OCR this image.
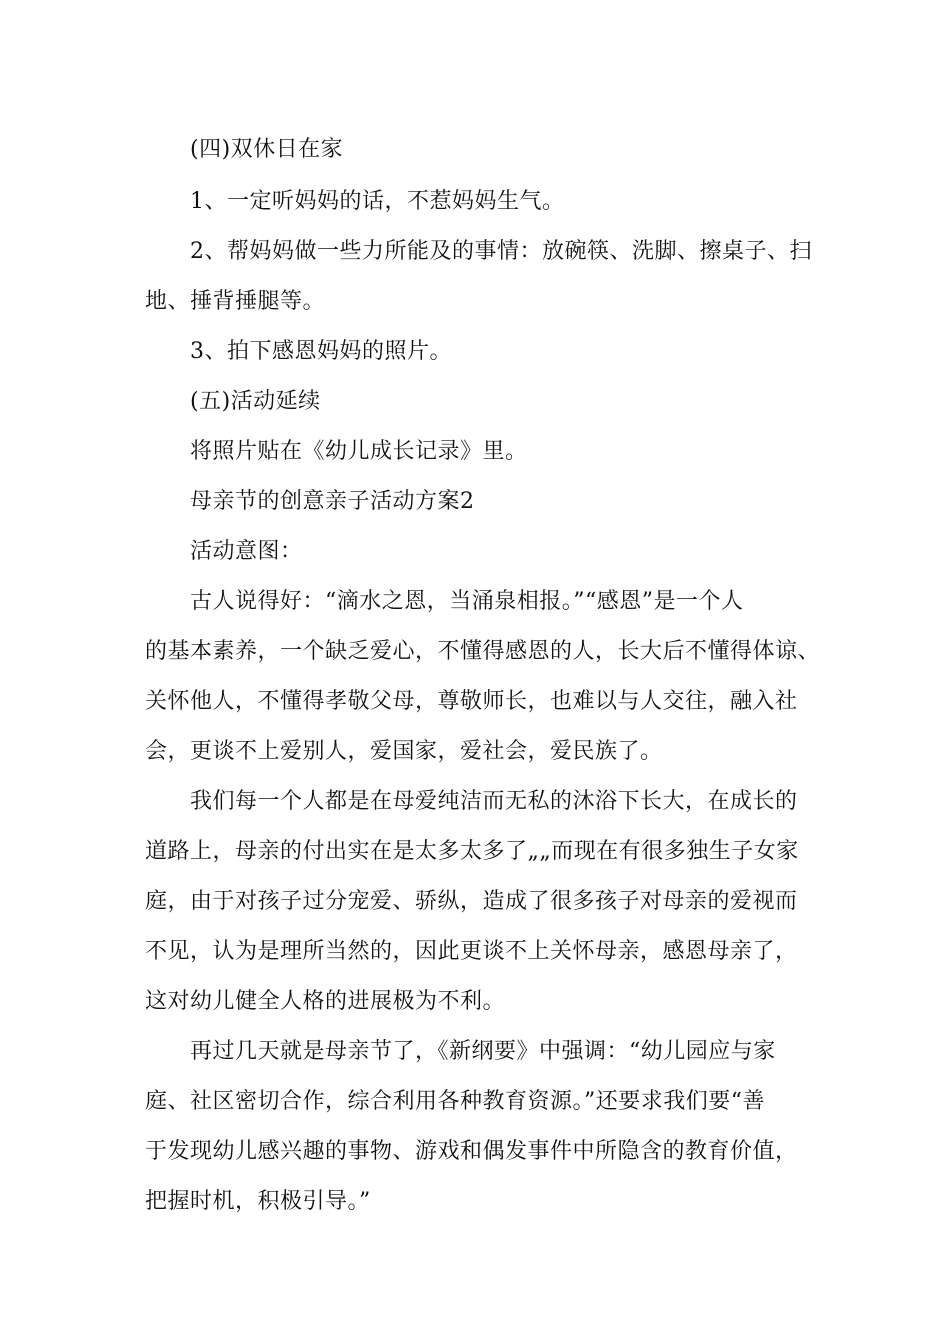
(四)双休日在家
1、一定听妈妈的话，不惹妈妈生气。
2、帮妈妈做一些力所能及的事情：放碗筷、洗脚、擦桌子、扫
地、捶背捶腿等。
3、拍下感恩妈妈的照片。
(五)活动延续
将照片贴在《幼儿成长记录》里。
母亲节的创意亲子活动方案2
活动意图：
古人说得好：“滴水之恩，当涌泉相报。”“感恩”是一个人
的基本素养，一个缺乏爱心，不懂得感恩的人，长大后不懂得体谅、
关怀他人，不懂得孝敬父母，尊敬师长，也难以与人交往，融入社
会，更谈不上爱别人，爱国家，爱社会，爱民族了。
我们每一个人都是在母爱纯洁而无私的沐浴下长大，在成长的
道路上，母亲的付出实在是太多太多了„„而现在有很多独生子女家
庭，由于对孩子过分宠爱、骄纵，造成了很多孩子对母亲的爱视而
不见，认为是理所当然的，因此更谈不上关怀母亲，感恩母亲了，
这对幼儿健全人格的进展极为不利。
再过几天就是母亲节了，《新纲要》中强调：“幼儿园应与家
庭、社区密切合作，综合利用各种教育资源。”还要求我们要“善
于发现幼儿感兴趣的事物、游戏和偶发事件中所隐含的教育价值，
把握时机，积极引导。”
